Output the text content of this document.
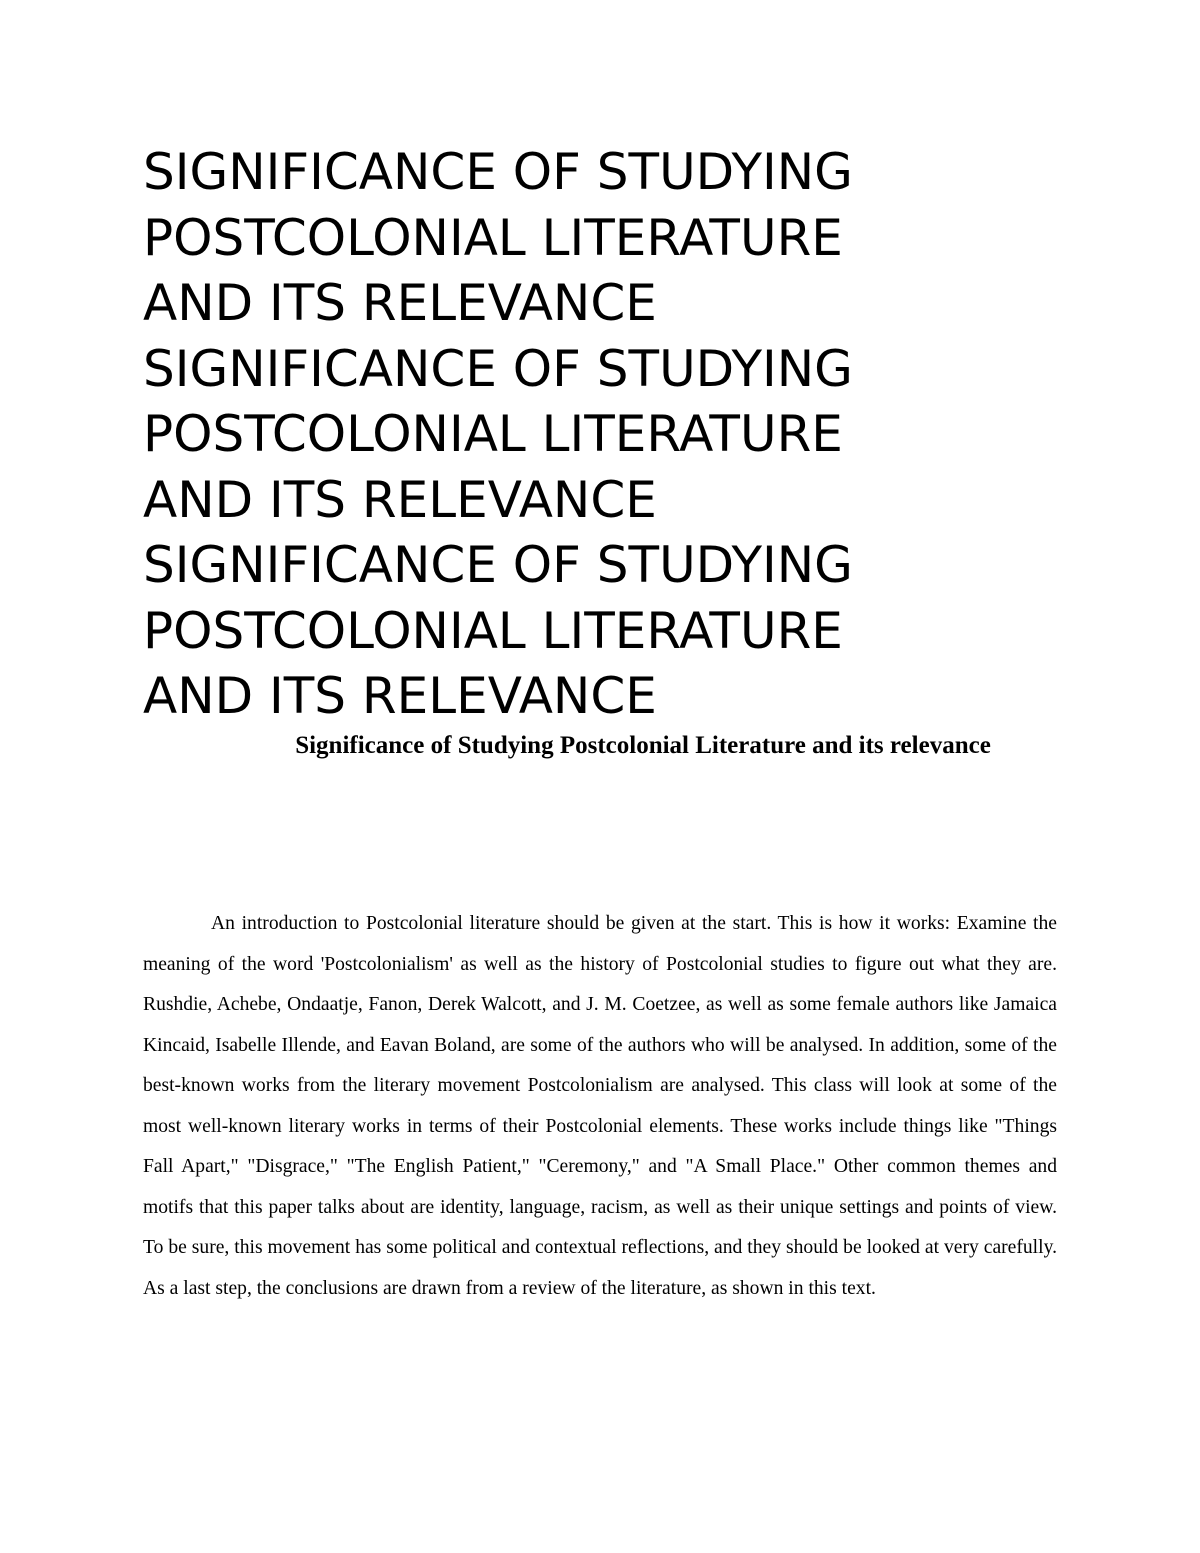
SIGNIFICANCE OF STUDYING
POSTCOLONIAL LITERATURE
AND ITS RELEVANCE
SIGNIFICANCE OF STUDYING
POSTCOLONIAL LITERATURE
AND ITS RELEVANCE
SIGNIFICANCE OF STUDYING
POSTCOLONIAL LITERATURE
AND ITS RELEVANCE
Significance of Studying Postcolonial Literature and its relevance

An introduction to Postcolonial literature should be given at the start. This is how it works: Examine the meaning of the word 'Postcolonialism' as well as the history of Postcolonial studies to figure out what they are. Rushdie, Achebe, Ondaatje, Fanon, Derek Walcott, and J. M. Coetzee, as well as some female authors like Jamaica Kincaid, Isabelle Illende, and Eavan Boland, are some of the authors who will be analysed. In addition, some of the best-known works from the literary movement Postcolonialism are analysed. This class will look at some of the most well-known literary works in terms of their Postcolonial elements. These works include things like "Things Fall Apart," "Disgrace," "The English Patient," "Ceremony," and "A Small Place." Other common themes and motifs that this paper talks about are identity, language, racism, as well as their unique settings and points of view. To be sure, this movement has some political and contextual reflections, and they should be looked at very carefully. As a last step, the conclusions are drawn from a review of the literature, as shown in this text.
